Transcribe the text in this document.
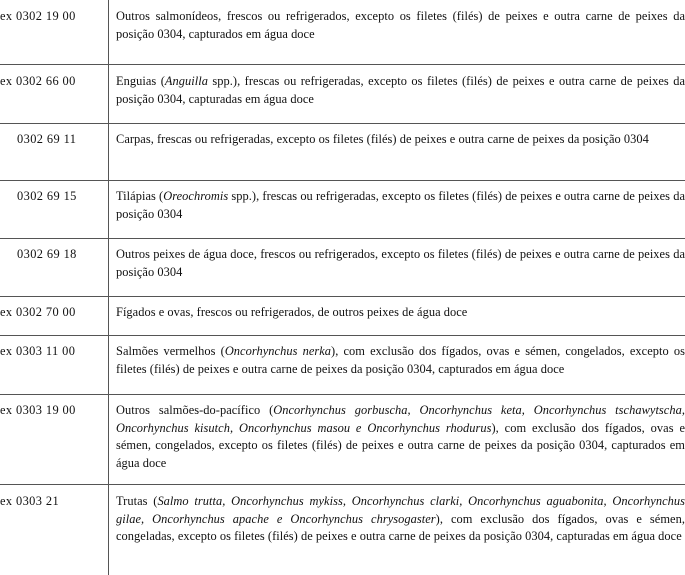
ex 0302 19 00	Outros salmonídeos, frescos ou refrigerados, excepto os filetes (filés) de peixes e outra carne de peixes da posição 0304, capturados em água doce
ex 0302 66 00	Enguias (Anguilla spp.), frescas ou refrigeradas, excepto os filetes (filés) de peixes e outra carne de peixes da posição 0304, capturadas em água doce
0302 69 11	Carpas, frescas ou refrigeradas, excepto os filetes (filés) de peixes e outra carne de peixes da posição 0304
0302 69 15	Tilápias (Oreochromis spp.), frescas ou refrigeradas, excepto os filetes (filés) de peixes e outra carne de peixes da posição 0304
0302 69 18	Outros peixes de água doce, frescos ou refrigerados, excepto os filetes (filés) de peixes e outra carne de peixes da posição 0304
ex 0302 70 00	Fígados e ovas, frescos ou refrigerados, de outros peixes de água doce
ex 0303 11 00	Salmões vermelhos (Oncorhynchus nerka), com exclusão dos fígados, ovas e sémen, congelados, excepto os filetes (filés) de peixes e outra carne de peixes da posição 0304, capturados em água doce
ex 0303 19 00	Outros salmões-do-pacífico (Oncorhynchus gorbuscha, Oncorhynchus keta, Oncorhynchus tschawytscha, Oncorhynchus kisutch, Oncorhynchus masou e Oncorhynchus rhodurus), com exclusão dos fígados, ovas e sémen, congelados, excepto os filetes (filés) de peixes e outra carne de peixes da posição 0304, capturados em água doce
ex 0303 21	Trutas (Salmo trutta, Oncorhynchus mykiss, Oncorhynchus clarki, Oncorhynchus aguabonita, Oncorhynchus gilae, Oncorhynchus apache e Oncorhynchus chrysogaster), com exclusão dos fígados, ovas e sémen, congeladas, excepto os filetes (filés) de peixes e outra carne de peixes da posição 0304, capturadas em água doce
